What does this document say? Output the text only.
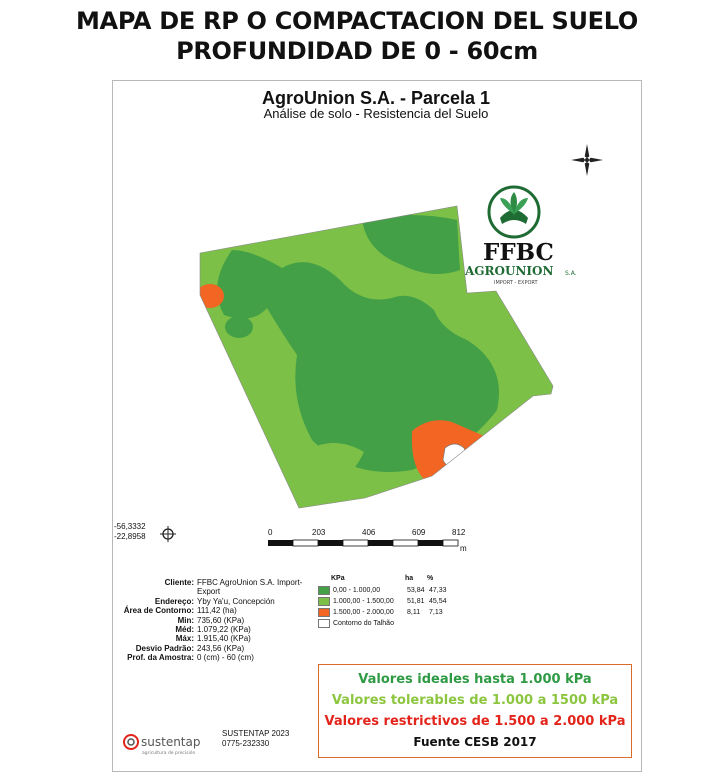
MAPA DE RP O COMPACTACION DEL SUELO
PROFUNDIDAD DE 0 - 60cm
AgroUnion S.A. - Parcela 1
Análise de solo - Resistencia del Suelo
FFBC
AGROUNION S.A.
IMPORT - EXPORT
-56,3332
-22,8958	0	203	406	609	812
m
Cliente: FFBC AgroUnion S.A. Import-Export
Endereço: Yby Ya'u, Concepción
Área de Contorno: 111,42 (ha)
Min: 735,60 (KPa)
Méd: 1.079,22 (KPa)
Máx: 1.915,40 (KPa)
Desvio Padrão: 243,56 (KPa)
Prof. da Amostra: 0 (cm) - 60 (cm)
KPa	ha	%
0,00 - 1.000,00	53,84 47,33
1.000,00 - 1.500,00	51,81 45,54
1.500,00 - 2.000,00	8,11	7,13
Contorno do Talhão
Valores ideales hasta 1.000 kPa
Valores tolerables de 1.000 a 1500 kPa
Valores restrictivos de 1.500 a 2.000 kPa
Fuente CESB 2017
sustentap
agricultura de precisión
SUSTENTAP 2023
0775-232330
